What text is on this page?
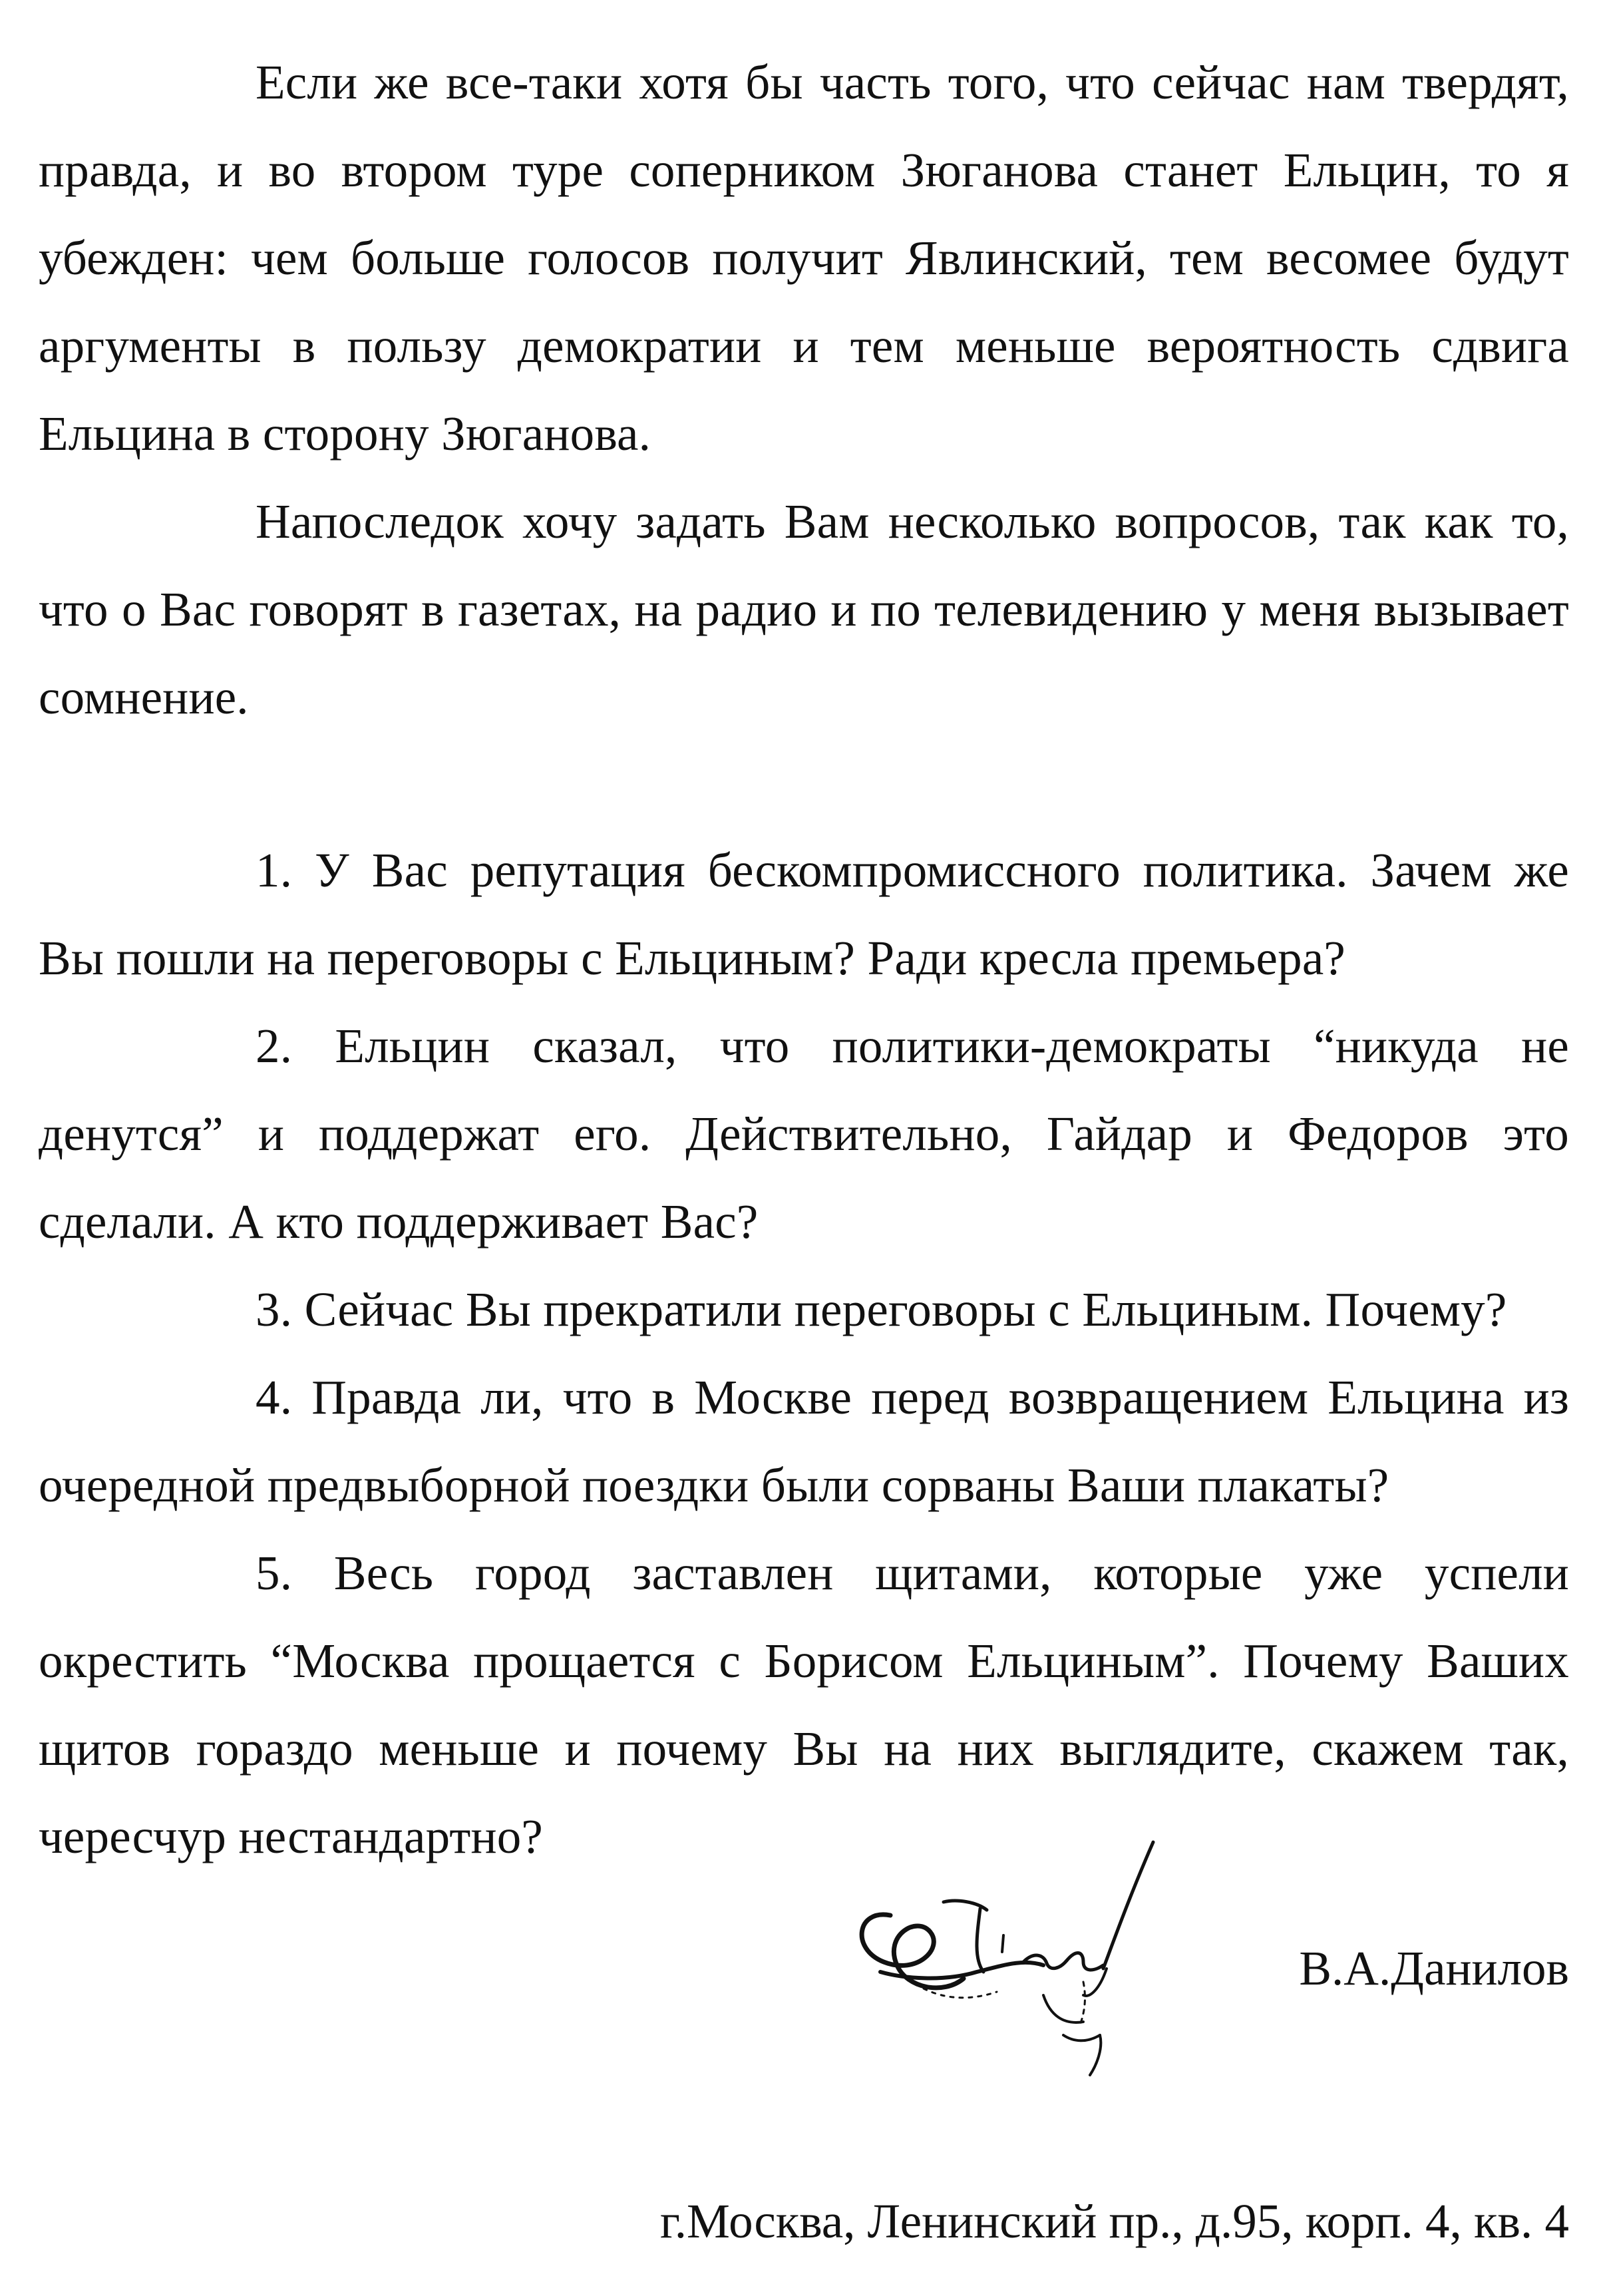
Если же все-таки хотя бы часть того, что сейчас нам твердят, правда, и во втором туре соперником Зюганова станет Ельцин, то я убежден: чем больше голосов получит Явлинский, тем весомее будут аргументы в пользу демократии и тем меньше вероятность сдвига Ельцина в сторону Зюганова.

Напоследок хочу задать Вам несколько вопросов, так как то, что о Вас говорят в газетах, на радио и по телевидению у меня вызывает сомнение.

1. У Вас репутация бескомпромиссного политика. Зачем же Вы пошли на переговоры с Ельциным? Ради кресла премьера?

2. Ельцин сказал, что политики-демократы “никуда не денутся” и поддержат его. Действительно, Гайдар и Федоров это сделали. А кто поддерживает Вас?

3. Сейчас Вы прекратили переговоры с Ельциным. Почему?

4. Правда ли, что в Москве перед возвращением Ельцина из очередной предвыборной поездки были сорваны Ваши плакаты?

5. Весь город заставлен щитами, которые уже успели окрестить “Москва прощается с Борисом Ельциным”. Почему Ваших щитов гораздо меньше и почему Вы на них выглядите, скажем так, чересчур нестандартно?

В.А.Данилов
г.Москва, Ленинский пр., д.95, корп. 4, кв. 4
